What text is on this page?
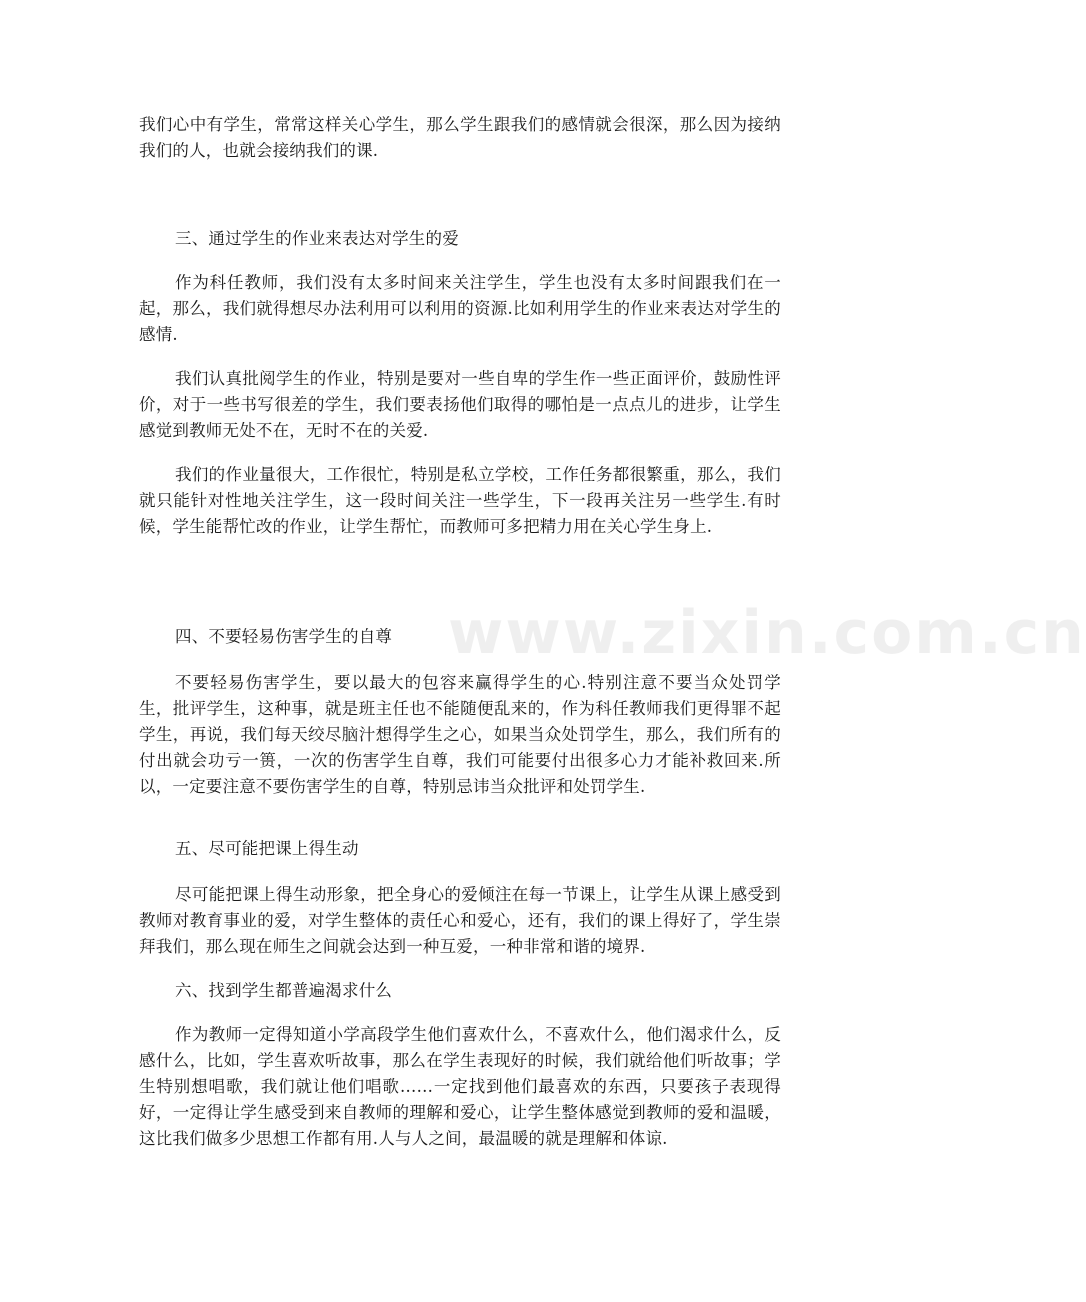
我们心中有学生，常常这样关心学生，那么学生跟我们的感情就会很深，那么因为接纳我们的人，也就会接纳我们的课.

三、通过学生的作业来表达对学生的爱

作为科任教师，我们没有太多时间来关注学生，学生也没有太多时间跟我们在一起，那么，我们就得想尽办法利用可以利用的资源.比如利用学生的作业来表达对学生的感情.

我们认真批阅学生的作业，特别是要对一些自卑的学生作一些正面评价，鼓励性评价，对于一些书写很差的学生，我们要表扬他们取得的哪怕是一点点儿的进步，让学生感觉到教师无处不在，无时不在的关爱.

我们的作业量很大，工作很忙，特别是私立学校，工作任务都很繁重，那么，我们就只能针对性地关注学生，这一段时间关注一些学生，下一段再关注另一些学生.有时候，学生能帮忙改的作业，让学生帮忙，而教师可多把精力用在关心学生身上.

四、不要轻易伤害学生的自尊

不要轻易伤害学生，要以最大的包容来赢得学生的心.特别注意不要当众处罚学生，批评学生，这种事，就是班主任也不能随便乱来的，作为科任教师我们更得罪不起学生，再说，我们每天绞尽脑汁想得学生之心，如果当众处罚学生，那么，我们所有的付出就会功亏一篑，一次的伤害学生自尊，我们可能要付出很多心力才能补救回来.所以，一定要注意不要伤害学生的自尊，特别忌讳当众批评和处罚学生.

五、尽可能把课上得生动

尽可能把课上得生动形象，把全身心的爱倾注在每一节课上，让学生从课上感受到教师对教育事业的爱，对学生整体的责任心和爱心，还有，我们的课上得好了，学生崇拜我们，那么现在师生之间就会达到一种互爱，一种非常和谐的境界.

六、找到学生都普遍渴求什么

作为教师一定得知道小学高段学生他们喜欢什么，不喜欢什么，他们渴求什么，反感什么，比如，学生喜欢听故事，那么在学生表现好的时候，我们就给他们听故事；学生特别想唱歌，我们就让他们唱歌……一定找到他们最喜欢的东西，只要孩子表现得好，一定得让学生感受到来自教师的理解和爱心，让学生整体感觉到教师的爱和温暖，这比我们做多少思想工作都有用.人与人之间，最温暖的就是理解和体谅.

www.zixin.com.cn
